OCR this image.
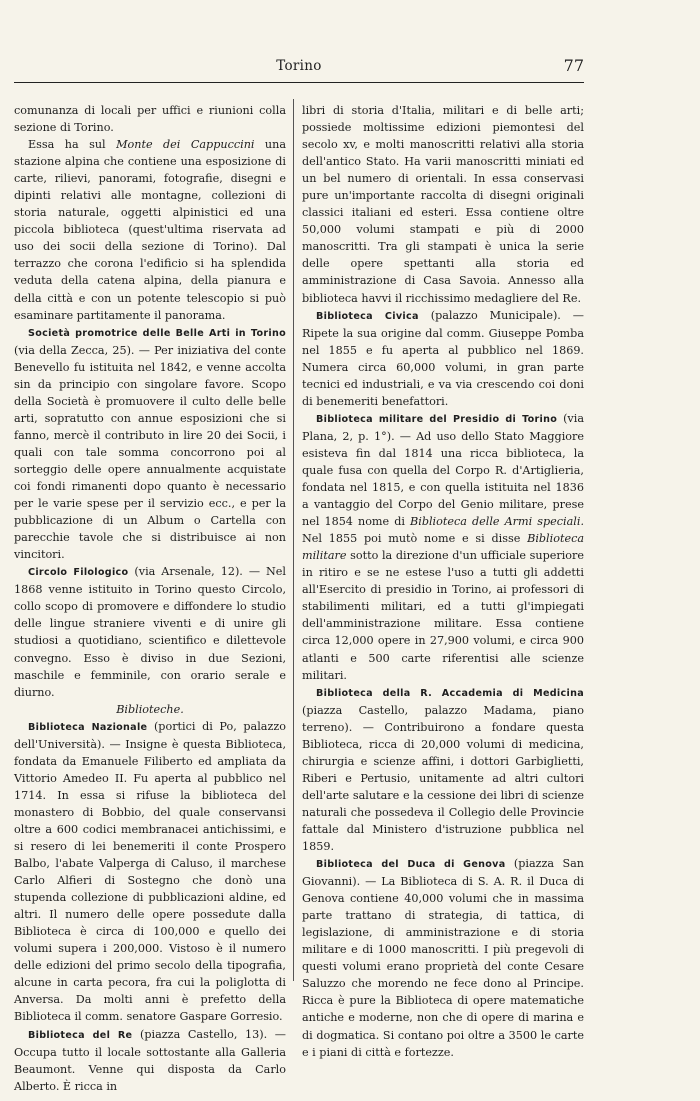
Torino	77

comunanza di locali per uffici e riunioni colla sezione di Torino.

Essa ha sul Monte dei Cappuccini una stazione alpina che contiene una esposizione di carte, rilievi, panorami, fotografie, disegni e dipinti relativi alle montagne, collezioni di storia naturale, oggetti alpinistici ed una piccola biblioteca (quest'ultima riservata ad uso dei socii della sezione di Torino). Dal terrazzo che corona l'edificio si ha splendida veduta della catena alpina, della pianura e della città e con un potente telescopio si può esaminare partitamente il panorama.

Società promotrice delle Belle Arti in Torino (via della Zecca, 25). — Per iniziativa del conte Benevello fu istituita nel 1842, e venne accolta sin da principio con singolare favore. Scopo della Società è promuovere il culto delle belle arti, sopratutto con annue esposizioni che si fanno, mercè il contributo in lire 20 dei Socii, i quali con tale somma concorrono poi al sorteggio delle opere annualmente acquistate coi fondi rimanenti dopo quanto è necessario per le varie spese per il servizio ecc., e per la pubblicazione di un Album o Cartella con parecchie tavole che si distribuisce ai non vincitori.

Circolo Filologico (via Arsenale, 12). — Nel 1868 venne istituito in Torino questo Circolo, collo scopo di promovere e diffondere lo studio delle lingue straniere viventi e di unire gli studiosi a quotidiano, scientifico e dilettevole convegno. Esso è diviso in due Sezioni, maschile e femminile, con orario serale e diurno.

Biblioteche.

Biblioteca Nazionale (portici di Po, palazzo dell'Università). — Insigne è questa Biblioteca, fondata da Emanuele Filiberto ed ampliata da Vittorio Amedeo II. Fu aperta al pubblico nel 1714. In essa si rifuse la biblioteca del monastero di Bobbio, del quale conservansi oltre a 600 codici membranacei antichissimi, e si resero di lei benemeriti il conte Prospero Balbo, l'abate Valperga di Caluso, il marchese Carlo Alfieri di Sostegno che donò una stupenda collezione di pubblicazioni aldine, ed altri. Il numero delle opere possedute dalla Biblioteca è circa di 100,000 e quello dei volumi supera i 200,000. Vistoso è il numero delle edizioni del primo secolo della tipografia, alcune in carta pecora, fra cui la poliglotta di Anversa. Da molti anni è prefetto della Biblioteca il comm. senatore Gaspare Gorresio.

Biblioteca del Re (piazza Castello, 13). — Occupa tutto il locale sottostante alla Galleria Beaumont. Venne qui disposta da Carlo Alberto. È ricca in

libri di storia d'Italia, militari e di belle arti; possiede moltissime edizioni piemontesi del secolo xv, e molti manoscritti relativi alla storia dell'antico Stato. Ha varii manoscritti miniati ed un bel numero di orientali. In essa conservasi pure un'importante raccolta di disegni originali classici italiani ed esteri. Essa contiene oltre 50,000 volumi stampati e più di 2000 manoscritti. Tra gli stampati è unica la serie delle opere spettanti alla storia ed amministrazione di Casa Savoia. Annesso alla biblioteca havvi il ricchissimo medagliere del Re.

Biblioteca Civica (palazzo Municipale). — Ripete la sua origine dal comm. Giuseppe Pomba nel 1855 e fu aperta al pubblico nel 1869. Numera circa 60,000 volumi, in gran parte tecnici ed industriali, e va via crescendo coi doni di benemeriti benefattori.

Biblioteca militare del Presidio di Torino (via Plana, 2, p. 1°). — Ad uso dello Stato Maggiore esisteva fin dal 1814 una ricca biblioteca, la quale fusa con quella del Corpo R. d'Artiglieria, fondata nel 1815, e con quella istituita nel 1836 a vantaggio del Corpo del Genio militare, prese nel 1854 nome di Biblioteca delle Armi speciali. Nel 1855 poi mutò nome e si disse Biblioteca militare sotto la direzione d'un ufficiale superiore in ritiro e se ne estese l'uso a tutti gli addetti all'Esercito di presidio in Torino, ai professori di stabilimenti militari, ed a tutti gl'impiegati dell'amministrazione militare. Essa contiene circa 12,000 opere in 27,900 volumi, e circa 900 atlanti e 500 carte riferentisi alle scienze militari.

Biblioteca della R. Accademia di Medicina (piazza Castello, palazzo Madama, piano terreno). — Contribuirono a fondare questa Biblioteca, ricca di 20,000 volumi di medicina, chirurgia e scienze affini, i dottori Garbiglietti, Riberi e Pertusio, unitamente ad altri cultori dell'arte salutare e la cessione dei libri di scienze naturali che possedeva il Collegio delle Provincie fattale dal Ministero d'istruzione pubblica nel 1859.

Biblioteca del Duca di Genova (piazza San Giovanni). — La Biblioteca di S. A. R. il Duca di Genova contiene 40,000 volumi che in massima parte trattano di strategia, di tattica, di legislazione, di amministrazione e di storia militare e di 1000 manoscritti. I più pregevoli di questi volumi erano proprietà del conte Cesare Saluzzo che morendo ne fece dono al Principe. Ricca è pure la Biblioteca di opere matematiche antiche e moderne, non che di opere di marina e di dogmatica. Si contano poi oltre a 3500 le carte e i piani di città e fortezze.
